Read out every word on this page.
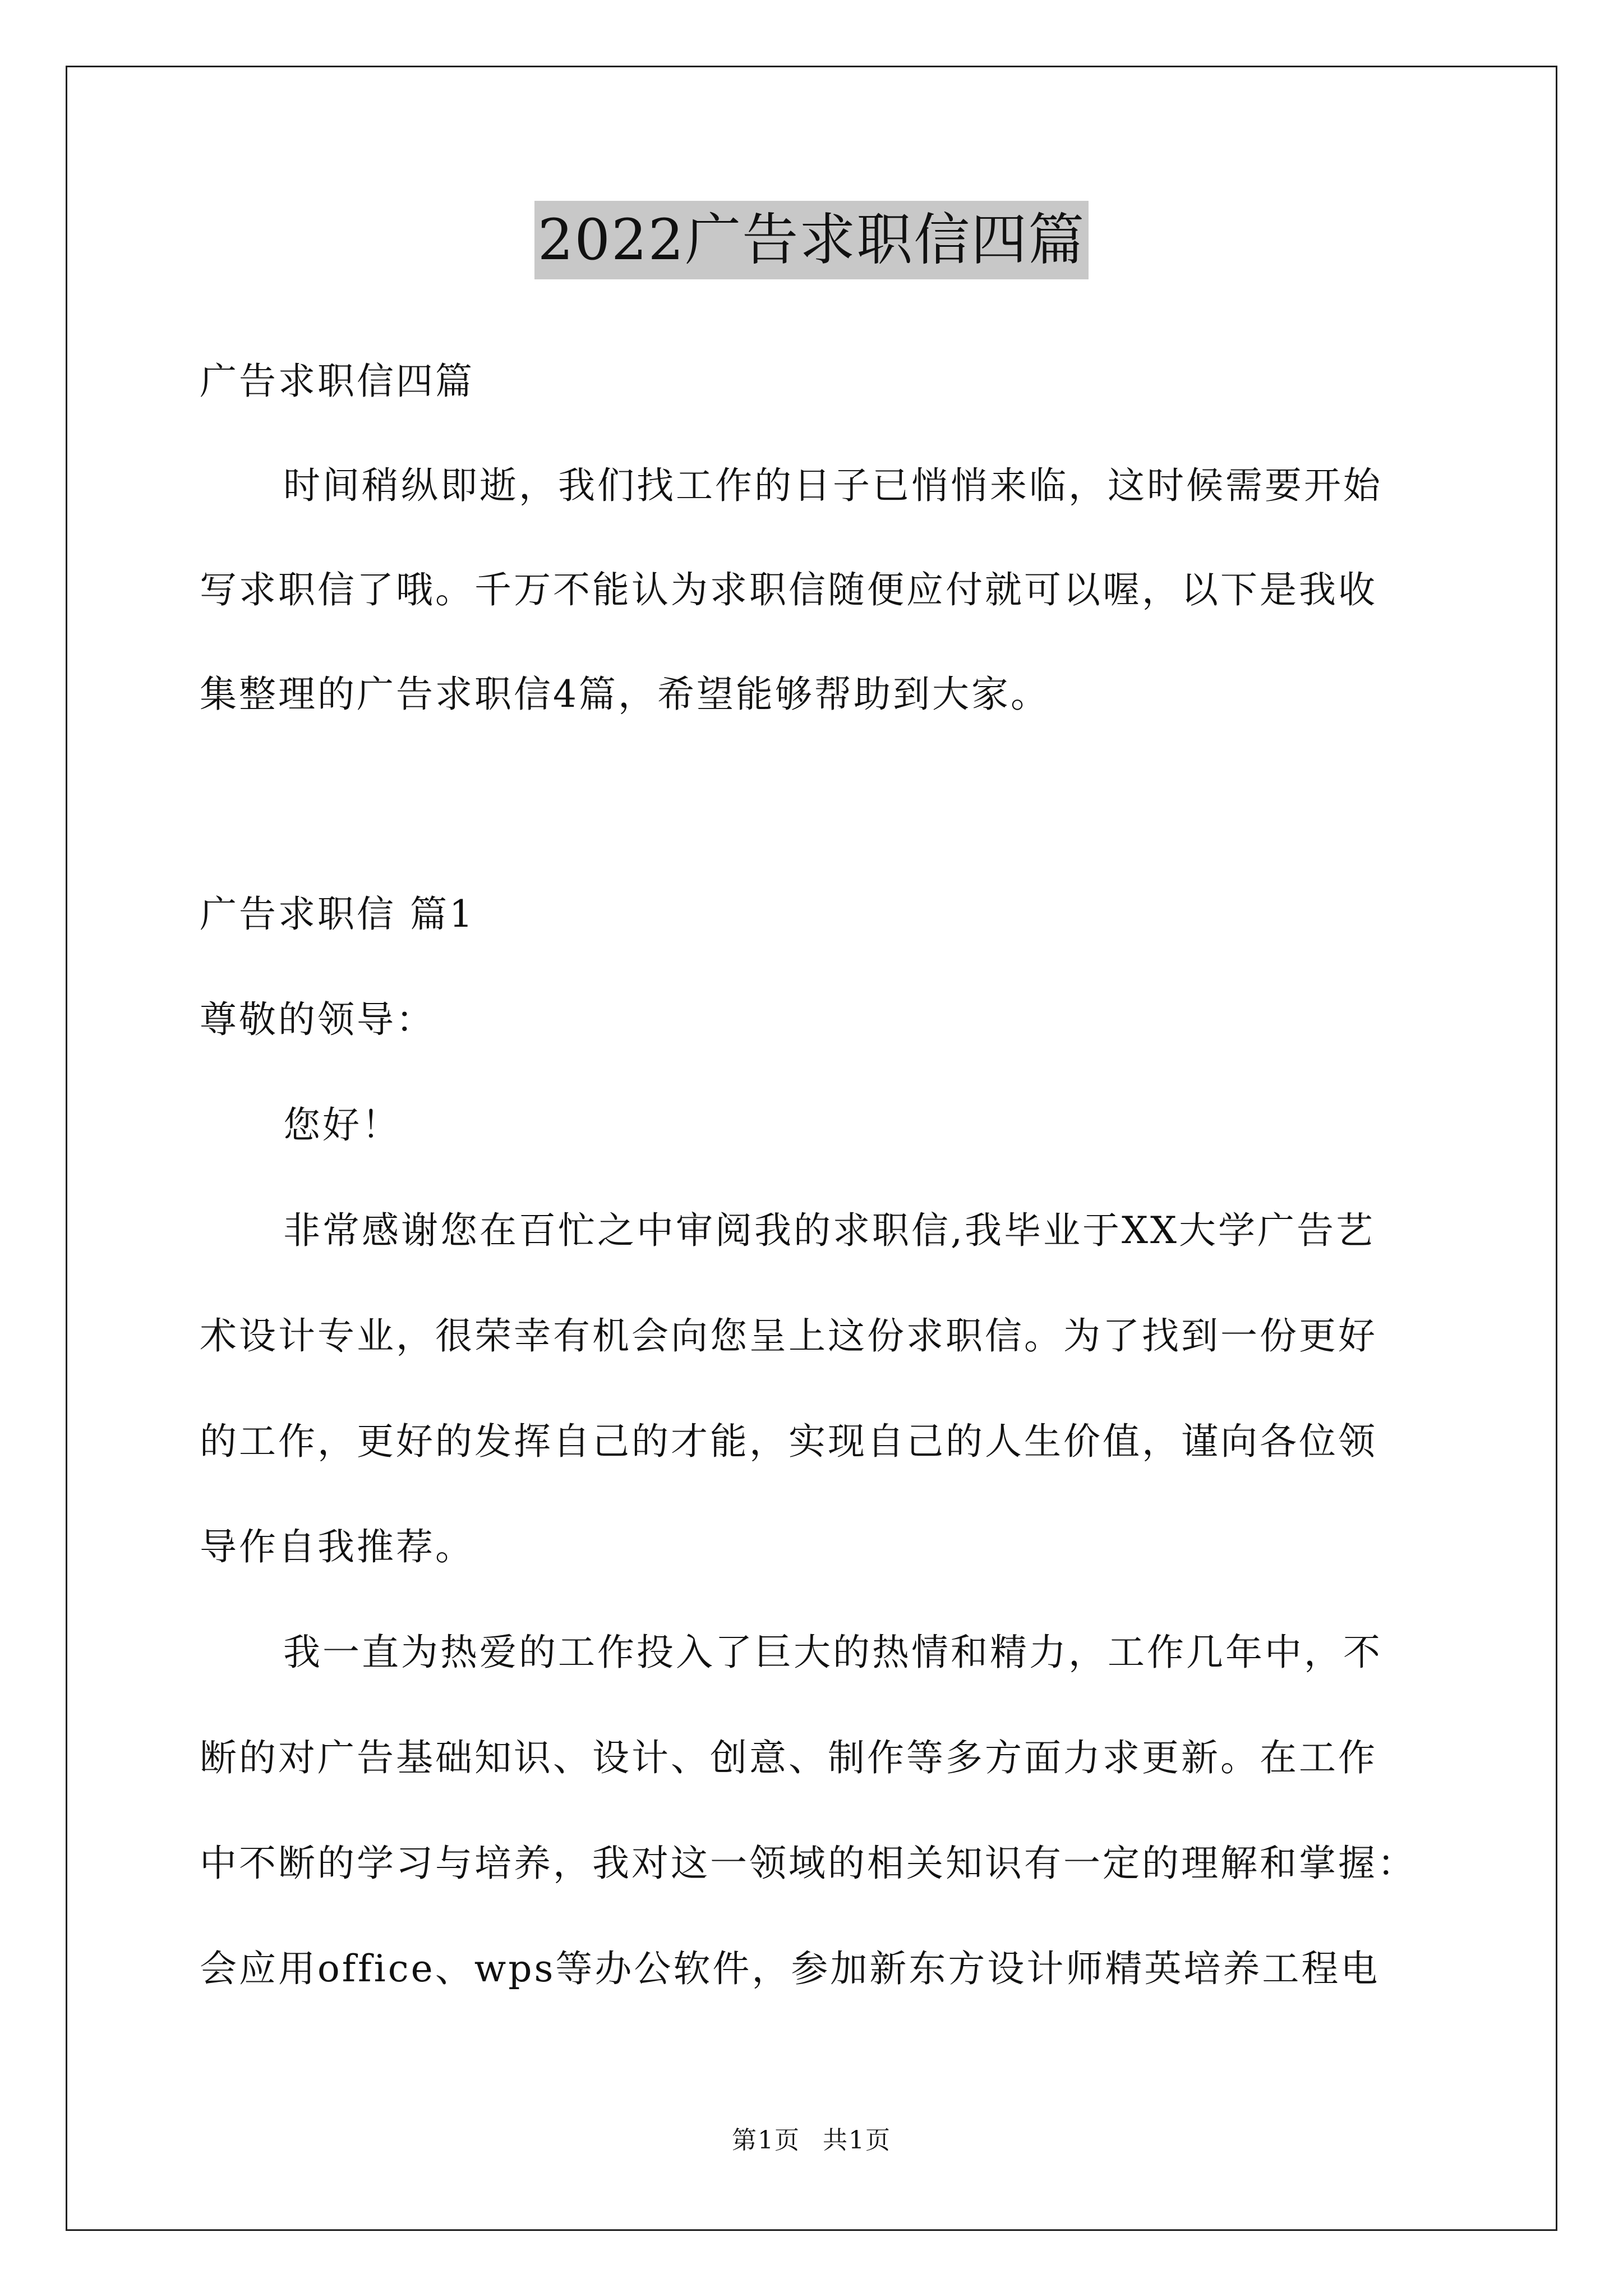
2022广告求职信四篇
广告求职信四篇
时间稍纵即逝，我们找工作的日子已悄悄来临，这时候需要开始
写求职信了哦。千万不能认为求职信随便应付就可以喔，以下是我收
集整理的广告求职信4篇，希望能够帮助到大家。
广告求职信 篇1
尊敬的领导：
您好！
非常感谢您在百忙之中审阅我的求职信,我毕业于XX大学广告艺
术设计专业，很荣幸有机会向您呈上这份求职信。为了找到一份更好
的工作，更好的发挥自己的才能，实现自己的人生价值，谨向各位领
导作自我推荐。
我一直为热爱的工作投入了巨大的热情和精力，工作几年中，不
断的对广告基础知识、设计、创意、制作等多方面力求更新。在工作
中不断的学习与培养，我对这一领域的相关知识有一定的理解和掌握：
会应用office、wps等办公软件，参加新东方设计师精英培养工程电
第1页 共1页
